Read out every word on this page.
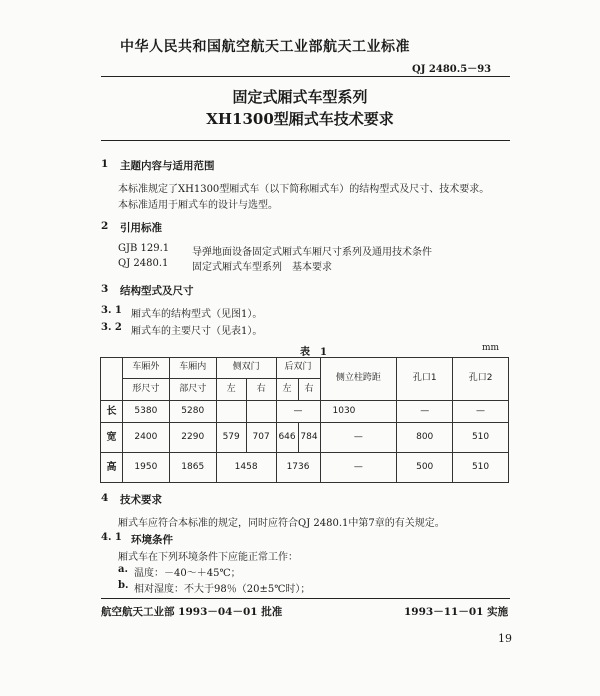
中华人民共和国航空航天工业部航天工业标准
QJ 2480.5－93
固定式厢式车型系列
XH1300型厢式车技术要求
1 主题内容与适用范围
本标准规定了XH1300型厢式车（以下简称厢式车）的结构型式及尺寸、技术要求。
本标准适用于厢式车的设计与选型。
2 引用标准
GJB 129.1 导弹地面设备固定式厢式车厢尺寸系列及通用技术条件
QJ 2480.1 固定式厢式车型系列　基本要求
3 结构型式及尺寸
3. 1 厢式车的结构型式（见图1）。
3. 2 厢式车的主要尺寸（见表1）。
表　1	mm
	车厢外	车厢内	侧双门		后双门		侧立柱跨距	孔口1	孔口2
	形尺寸	部尺寸	左	右	左	右			
长	5380	5280			—		1030	—	—
宽	2400	2290	579	707	646	784	—	800	510
高	1950	1865	1458		1736		—	500	510
4 技术要求
厢式车应符合本标准的规定，同时应符合QJ 2480.1中第7章的有关规定。
4. 1 环境条件
厢式车在下列环境条件下应能正常工作：
a. 温度：－40～＋45℃；
b. 相对湿度：不大于98％（20±5℃时）；
航空航天工业部 1993－04－01 批准	1993－11－01 实施
19
